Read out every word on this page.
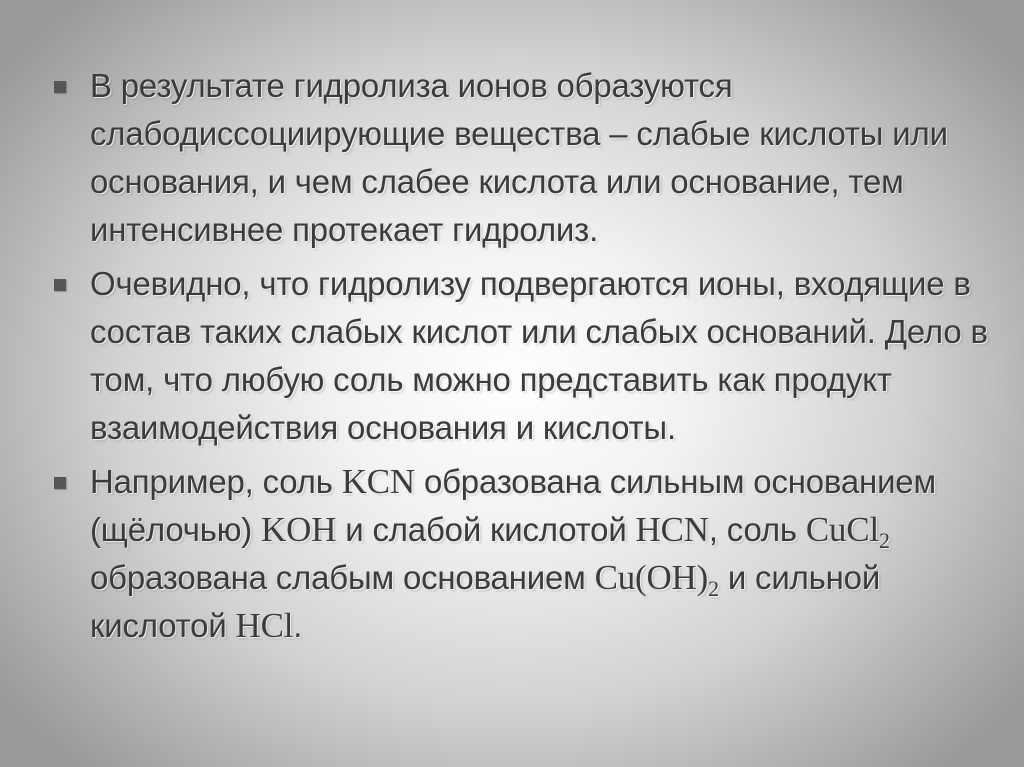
В результате гидролиза ионов образуются слабодиссоциирующие вещества – слабые кислоты или основания, и чем слабее кислота или основание, тем интенсивнее протекает гидролиз.
Очевидно, что гидролизу подвергаются ионы, входящие в состав таких слабых кислот или слабых оснований. Дело в том, что любую соль можно представить как продукт взаимодействия основания и кислоты.
Например, соль KCN образована сильным основанием (щёлочью) KOH и слабой кислотой HCN, соль CuCl$_2$ образована слабым основанием $Cu(OH)_2$ и сильной кислотой HCl.
